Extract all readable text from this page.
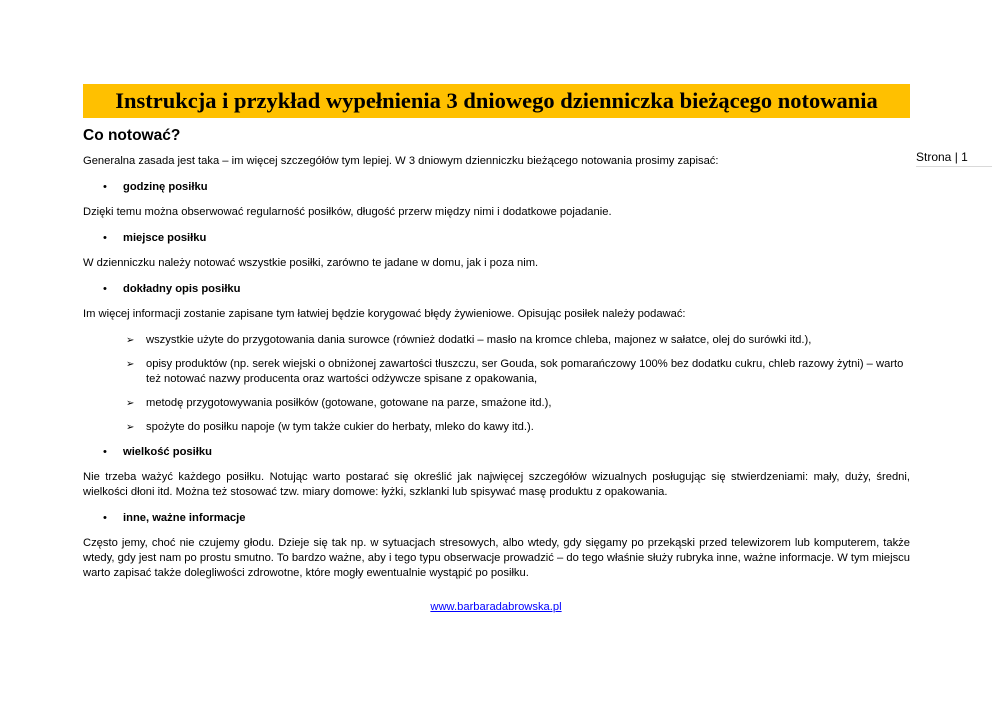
Instrukcja i przykład wypełnienia 3 dniowego dzienniczka bieżącego notowania
Strona | 1
Co notować?

Generalna zasada jest taka – im więcej szczegółów tym lepiej. W 3 dniowym dzienniczku bieżącego notowania prosimy zapisać:

• godzinę posiłku

Dzięki temu można obserwować regularność posiłków, długość przerw między nimi i dodatkowe pojadanie.

• miejsce posiłku

W dzienniczku należy notować wszystkie posiłki, zarówno te jadane w domu, jak i poza nim.

• dokładny opis posiłku

Im więcej informacji zostanie zapisane tym łatwiej będzie korygować błędy żywieniowe. Opisując posiłek należy podawać:

➢ wszystkie użyte do przygotowania dania surowce (również dodatki – masło na kromce chleba, majonez w sałatce, olej do surówki itd.),
➢ opisy produktów (np. serek wiejski o obniżonej zawartości tłuszczu, ser Gouda, sok pomarańczowy 100% bez dodatku cukru, chleb razowy żytni) – warto też notować nazwy producenta oraz wartości odżywcze spisane z opakowania,
➢ metodę przygotowywania posiłków (gotowane, gotowane na parze, smażone itd.),
➢ spożyte do posiłku napoje (w tym także cukier do herbaty, mleko do kawy itd.).
• wielkość posiłku

Nie trzeba ważyć każdego posiłku. Notując warto postarać się określić jak najwięcej szczegółów wizualnych posługując się stwierdzeniami: mały, duży, średni, wielkości dłoni itd. Można też stosować tzw. miary domowe: łyżki, szklanki lub spisywać masę produktu z opakowania.

• inne, ważne informacje

Często jemy, choć nie czujemy głodu. Dzieje się tak np. w sytuacjach stresowych, albo wtedy, gdy sięgamy po przekąski przed telewizorem lub komputerem, także wtedy, gdy jest nam po prostu smutno. To bardzo ważne, aby i tego typu obserwacje prowadzić – do tego właśnie służy rubryka inne, ważne informacje. W tym miejscu warto zapisać także dolegliwości zdrowotne, które mogły ewentualnie wystąpić po posiłku.

www.barbaradabrowska.pl
